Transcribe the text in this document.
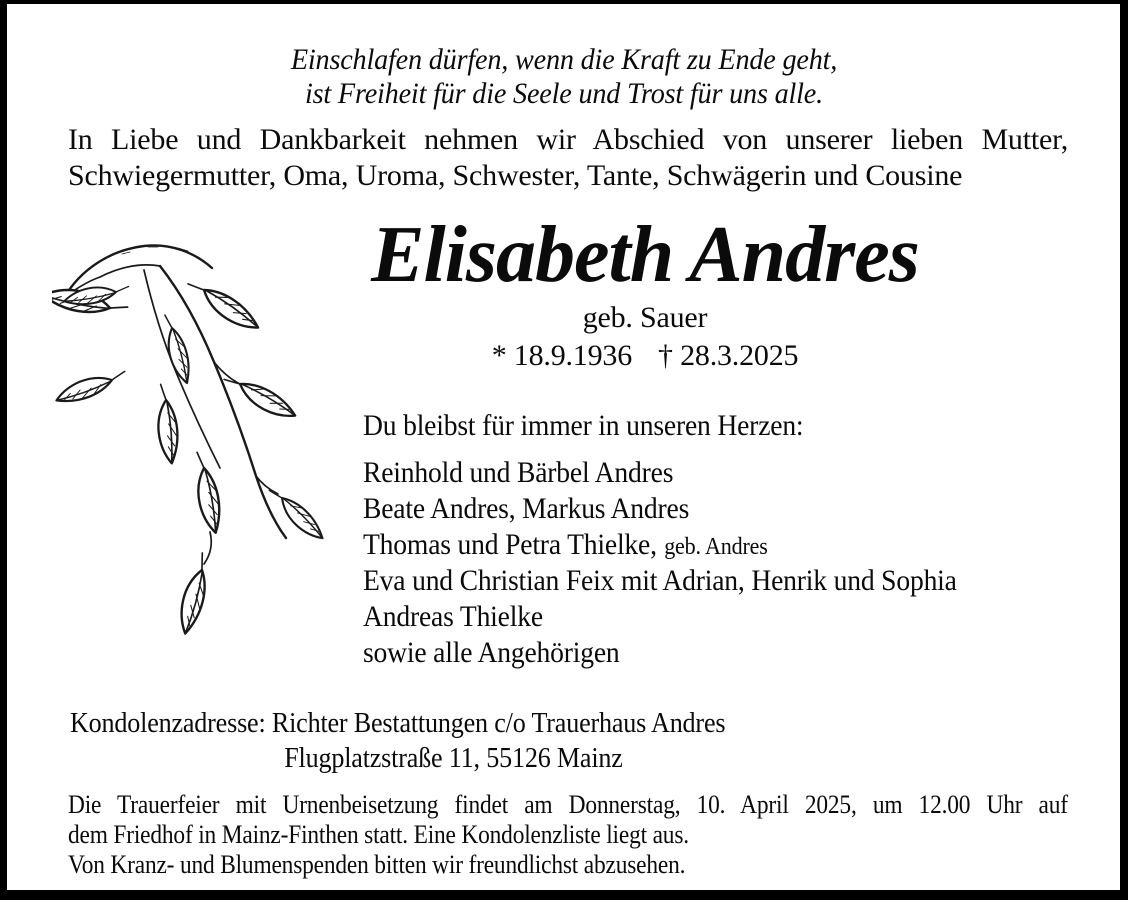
Einschlafen dürfen, wenn die Kraft zu Ende geht,
ist Freiheit für die Seele und Trost für uns alle.
In Liebe und Dankbarkeit nehmen wir Abschied von unserer lieben Mutter,
Schwiegermutter, Oma, Uroma, Schwester, Tante, Schwägerin und Cousine
Elisabeth Andres
geb. Sauer
* 18.9.1936 † 28.3.2025
Du bleibst für immer in unseren Herzen:
Reinhold und Bärbel Andres
Beate Andres, Markus Andres
Thomas und Petra Thielke, geb. Andres
Eva und Christian Feix mit Adrian, Henrik und Sophia
Andreas Thielke
sowie alle Angehörigen
Kondolenzadresse: Richter Bestattungen c/o Trauerhaus Andres
Flugplatzstraße 11, 55126 Mainz
Die Trauerfeier mit Urnenbeisetzung findet am Donnerstag, 10. April 2025, um 12.00 Uhr auf
dem Friedhof in Mainz-Finthen statt. Eine Kondolenzliste liegt aus.
Von Kranz- und Blumenspenden bitten wir freundlichst abzusehen.
